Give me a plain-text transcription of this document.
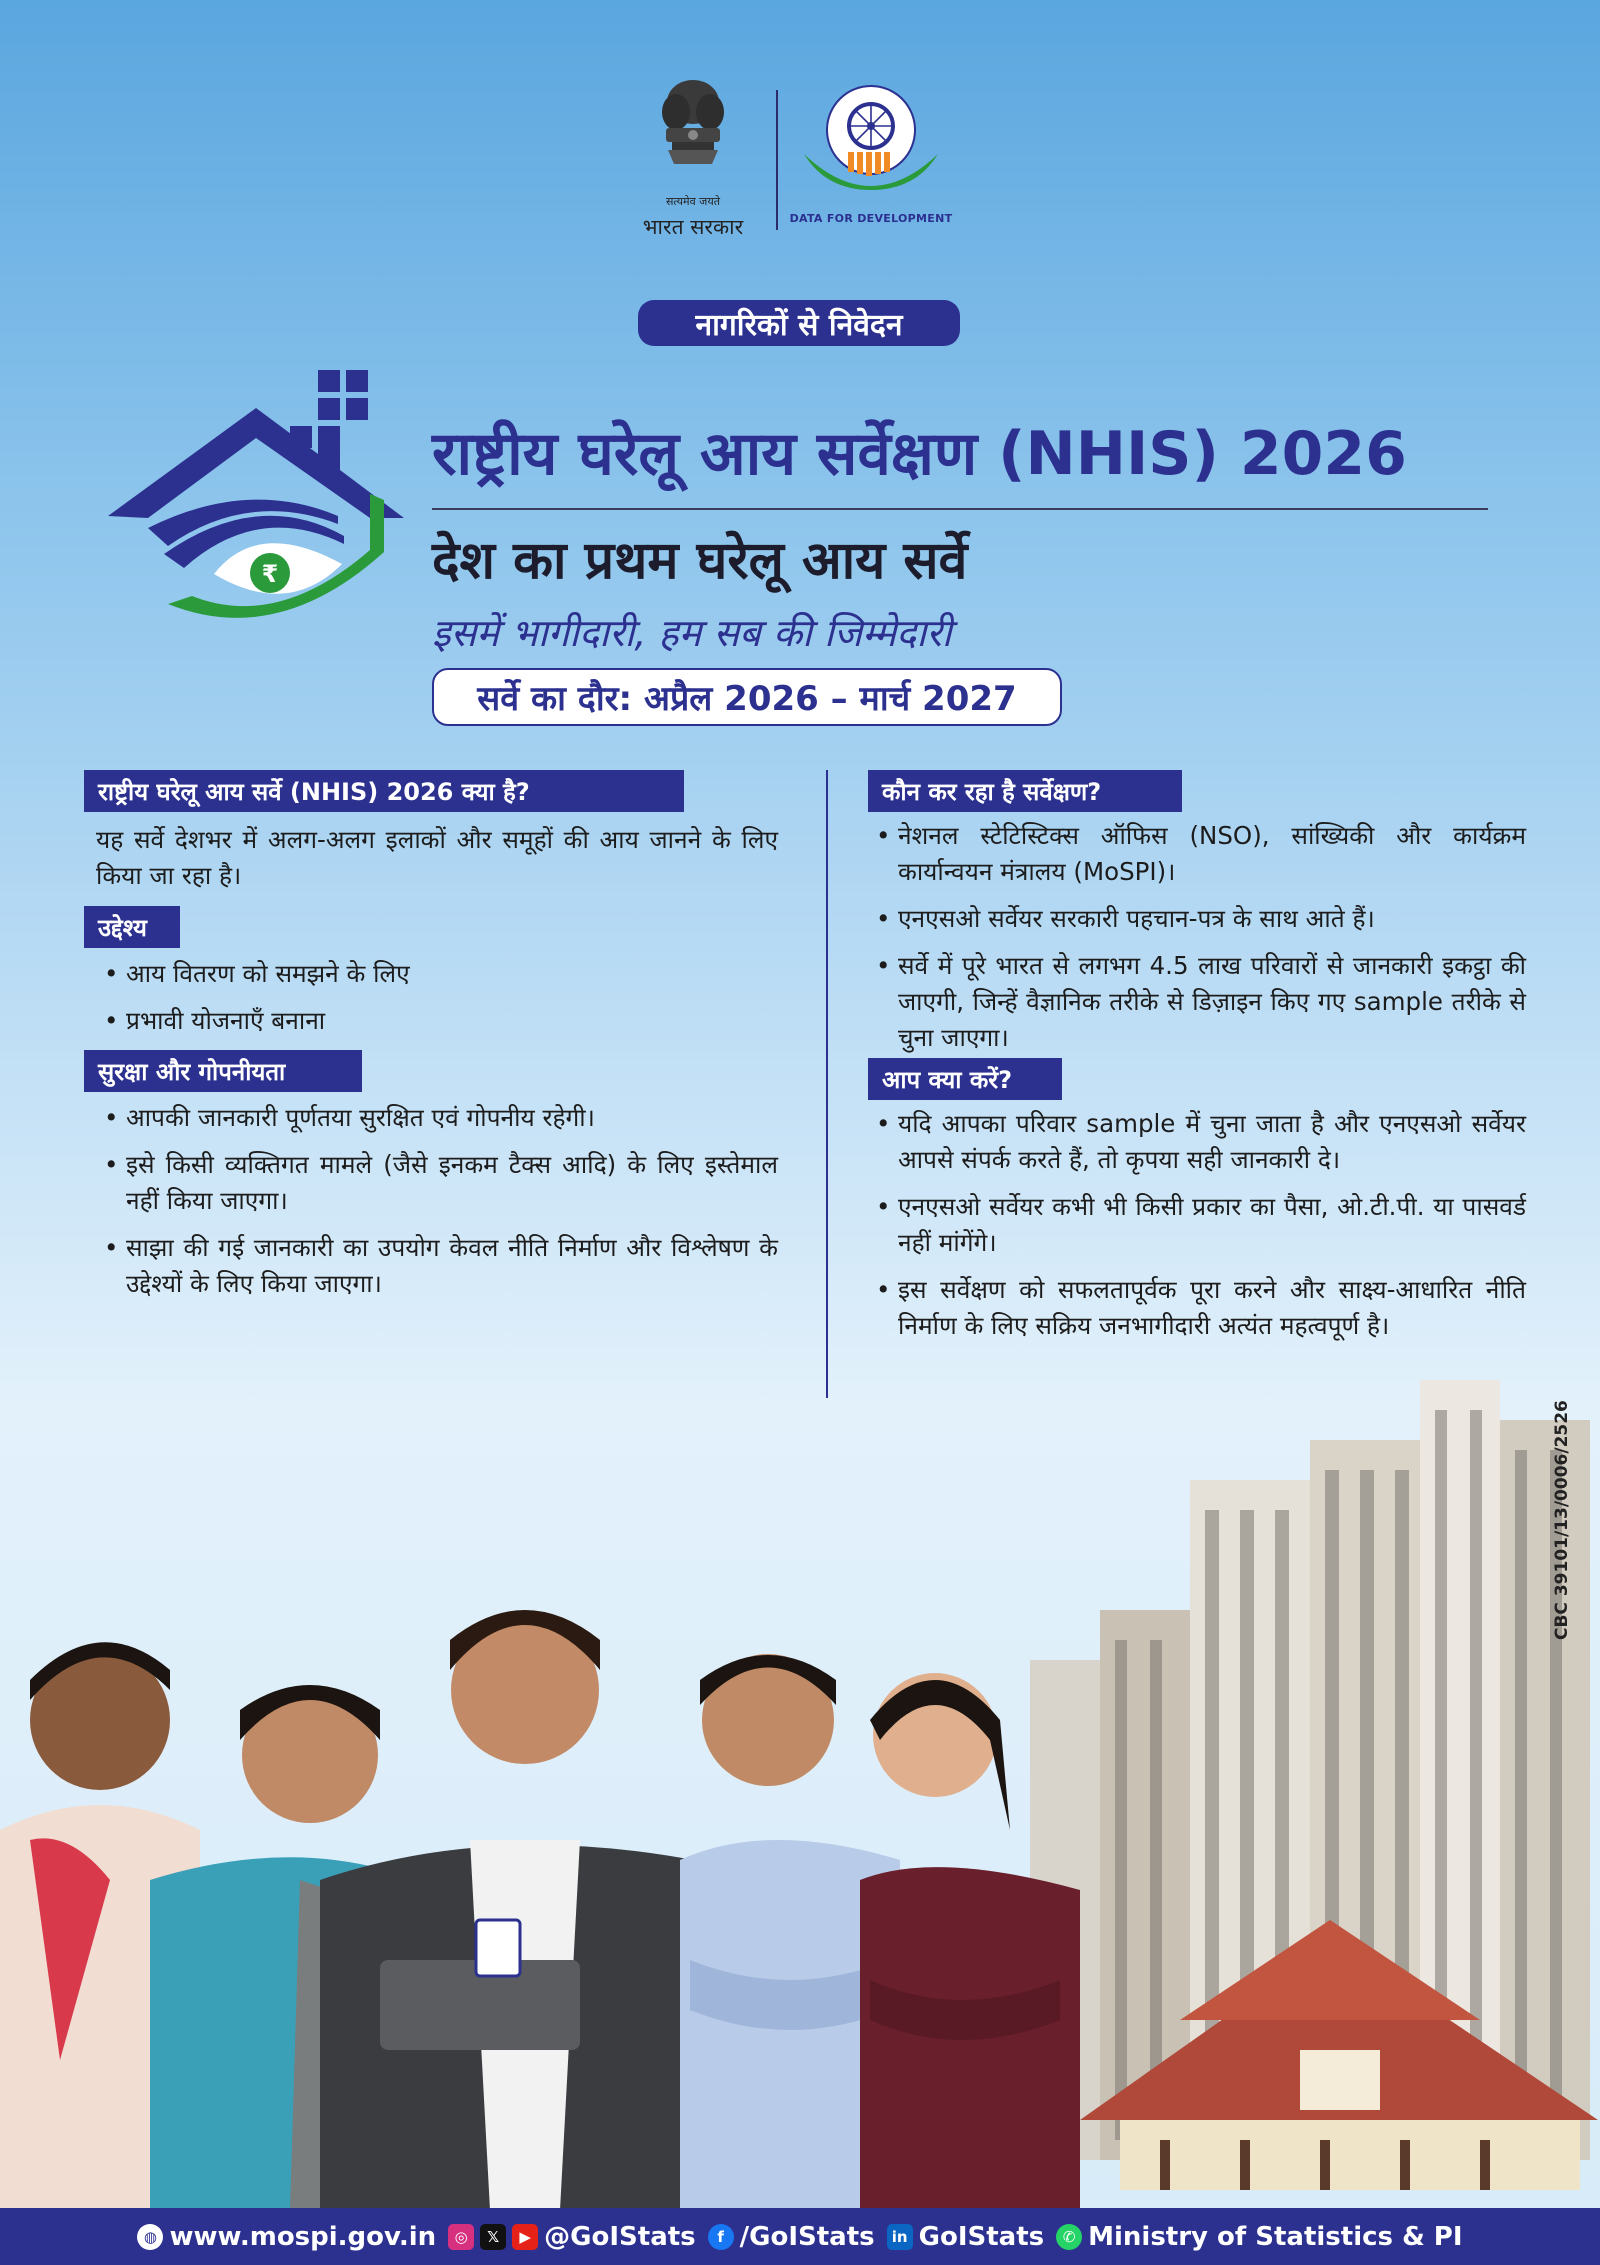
सत्यमेव जयते
भारत सरकार	DATA FOR DEVELOPMENT
नागरिकों से निवेदन
₹
राष्ट्रीय घरेलू आय सर्वेक्षण (NHIS) 2026
देश का प्रथम घरेलू आय सर्वे
इसमें भागीदारी, हम सब की जिम्मेदारी
सर्वे का दौर: अप्रैल 2026 – मार्च 2027
राष्ट्रीय घरेलू आय सर्वे (NHIS) 2026 क्या है?
यह सर्वे देशभर में अलग-अलग इलाकों और समूहों की आय जानने के लिए किया जा रहा है।
उद्देश्य
• आय वितरण को समझने के लिए
• प्रभावी योजनाएँ बनाना
सुरक्षा और गोपनीयता
• आपकी जानकारी पूर्णतया सुरक्षित एवं गोपनीय रहेगी।
• इसे किसी व्यक्तिगत मामले (जैसे इनकम टैक्स आदि) के लिए इस्तेमाल नहीं किया जाएगा।
• साझा की गई जानकारी का उपयोग केवल नीति निर्माण और विश्लेषण के उद्देश्यों के लिए किया जाएगा।
कौन कर रहा है सर्वेक्षण?
• नेशनल स्टेटिस्टिक्स ऑफिस (NSO), सांख्यिकी और कार्यक्रम कार्यान्वयन मंत्रालय (MoSPI)।
• एनएसओ सर्वेयर सरकारी पहचान-पत्र के साथ आते हैं।
• सर्वे में पूरे भारत से लगभग 4.5 लाख परिवारों से जानकारी इकट्ठा की जाएगी, जिन्हें वैज्ञानिक तरीके से डिज़ाइन किए गए sample तरीके से चुना जाएगा।
आप क्या करें?
• यदि आपका परिवार sample में चुना जाता है और एनएसओ सर्वेयर आपसे संपर्क करते हैं, तो कृपया सही जानकारी दे।
• एनएसओ सर्वेयर कभी भी किसी प्रकार का पैसा, ओ.टी.पी. या पासवर्ड नहीं मांगेंगे।
• इस सर्वेक्षण को सफलतापूर्वक पूरा करने और साक्ष्य-आधारित नीति निर्माण के लिए सक्रिय जनभागीदारी अत्यंत महत्वपूर्ण है।
CBC 39101/13/0006/2526
◍ www.mospi.gov.in	◎	𝕏	▶ @GoIStats	f /GoIStats	in GoIStats	✆ Ministry of Statistics & PI
